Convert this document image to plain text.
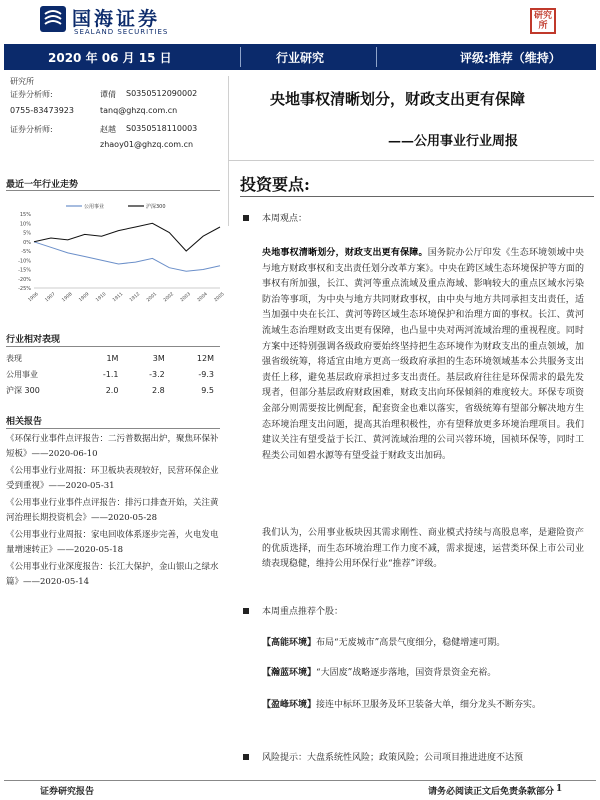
国海证券
SEALAND SECURITIES
研究 所
2020 年 06 月 15 日	行业研究	评级:推荐（维持）
研究所
证券分析师:	谭倩 S0350512090002
0755-83473923	tanq@ghzq.com.cn
证券分析师:	赵越 S0350518110003
zhaoy01@ghzq.com.cn
央地事权清晰划分，财政支出更有保障
——公用事业行业周报
最近一年行业走势
公用事业	沪深300
15%
10%
5%
0%
-5%
-10%
-15%
-20%
-25%
1906 1907 1908 1909 1910 1911 1912 2001 2002 2003 2004 2005
行业相对表现
表现	1M	3M	12M
公用事业	-1.1	-3.2	-9.3
沪深 300	2.0	2.8	9.5
相关报告

《环保行业事件点评报告：二污普数据出炉，聚焦环保补短板》——2020-06-10

《公用事业行业周报：环卫板块表现较好，民营环保企业受到重视》——2020-05-31

《公用事业行业事件点评报告：排污口排查开始，关注黄河治理长期投资机会》——2020-05-28

《公用事业行业周报：家电回收体系逐步完善，火电发电量增速转正》——2020-05-18

《公用事业行业深度报告：长江大保护，金山银山之绿水篇》——2020-05-14

投资要点:
本周观点：
央地事权清晰划分，财政支出更有保障。国务院办公厅印发《生态环境领域中央与地方财政事权和支出责任划分改革方案》。中央在跨区域生态环境保护等方面的事权有所加强，长江、黄河等重点流域及重点海域、影响较大的重点区域水污染防治等事项，为中央与地方共同财政事权，由中央与地方共同承担支出责任，适当加强中央在长江、黄河等跨区域生态环境保护和治理方面的事权。长江、黄河流域生态治理财政支出更有保障，也凸显中央对两河流域治理的重视程度。同时方案中还特别强调各级政府要始终坚持把生态环境作为财政支出的重点领域，加强省级统筹，将适宜由地方更高一级政府承担的生态环境领域基本公共服务支出责任上移，避免基层政府承担过多支出责任。基层政府往往是环保需求的最先发现者，但部分基层政府财政困难，财政支出向环保倾斜的难度较大。环保专项资金部分则需要按比例配套，配套资金也难以落实，省级统筹有望部分解决地方生态环境治理支出问题，提高其治理积极性，亦有望释放更多环境治理项目。我们建议关注有望受益于长江、黄河流域治理的公司兴蓉环境，国祯环保等，同时工程类公司如碧水源等有望受益于财政支出加码。
我们认为，公用事业板块因其需求刚性、商业模式持续与高股息率，是避险资产的优质选择，而生态环境治理工作力度不减，需求提速，运营类环保上市公司业绩表现稳健，维持公用环保行业“推荐”评级。
本周重点推荐个股：
【高能环境】布局“无废城市”高景气度细分，稳健增速可期。
【瀚蓝环境】“大固废”战略逐步落地，国资背景资金充裕。
【盈峰环境】接连中标环卫服务及环卫装备大单，细分龙头不断夯实。
风险提示：大盘系统性风险；政策风险；公司项目推进进度不达预
证券研究报告	请务必阅读正文后免责条款部分 1
